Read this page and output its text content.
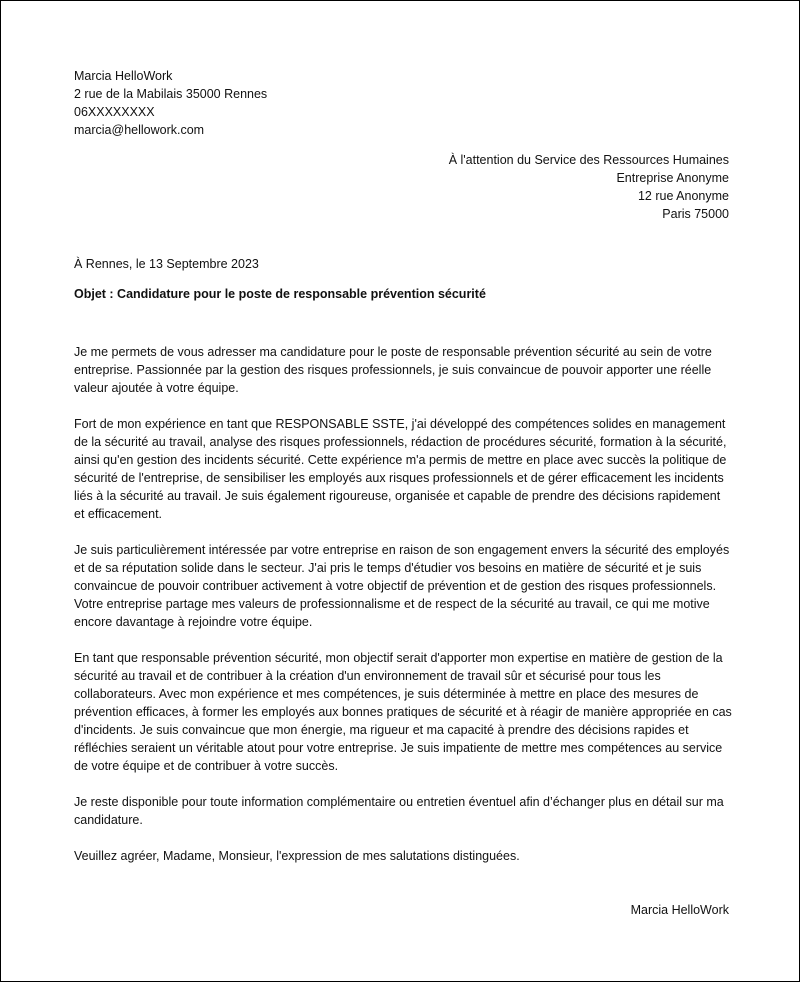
Marcia HelloWork
2 rue de la Mabilais 35000 Rennes
06XXXXXXXX
marcia@hellowork.com
À l'attention du Service des Ressources Humaines
Entreprise Anonyme
12 rue Anonyme
Paris 75000
À Rennes, le 13 Septembre 2023
Objet : Candidature pour le poste de responsable prévention sécurité

Je me permets de vous adresser ma candidature pour le poste de responsable prévention sécurité au sein de votre entreprise. Passionnée par la gestion des risques professionnels, je suis convaincue de pouvoir apporter une réelle valeur ajoutée à votre équipe.

Fort de mon expérience en tant que RESPONSABLE SSTE, j'ai développé des compétences solides en management de la sécurité au travail, analyse des risques professionnels, rédaction de procédures sécurité, formation à la sécurité, ainsi qu'en gestion des incidents sécurité. Cette expérience m'a permis de mettre en place avec succès la politique de sécurité de l'entreprise, de sensibiliser les employés aux risques professionnels et de gérer efficacement les incidents liés à la sécurité au travail. Je suis également rigoureuse, organisée et capable de prendre des décisions rapidement et efficacement.

Je suis particulièrement intéressée par votre entreprise en raison de son engagement envers la sécurité des employés et de sa réputation solide dans le secteur. J'ai pris le temps d'étudier vos besoins en matière de sécurité et je suis convaincue de pouvoir contribuer activement à votre objectif de prévention et de gestion des risques professionnels. Votre entreprise partage mes valeurs de professionnalisme et de respect de la sécurité au travail, ce qui me motive encore davantage à rejoindre votre équipe.

En tant que responsable prévention sécurité, mon objectif serait d'apporter mon expertise en matière de gestion de la sécurité au travail et de contribuer à la création d'un environnement de travail sûr et sécurisé pour tous les collaborateurs. Avec mon expérience et mes compétences, je suis déterminée à mettre en place des mesures de prévention efficaces, à former les employés aux bonnes pratiques de sécurité et à réagir de manière appropriée en cas d'incidents. Je suis convaincue que mon énergie, ma rigueur et ma capacité à prendre des décisions rapides et réfléchies seraient un véritable atout pour votre entreprise. Je suis impatiente de mettre mes compétences au service de votre équipe et de contribuer à votre succès.

Je reste disponible pour toute information complémentaire ou entretien éventuel afin d’échanger plus en détail sur ma candidature.

Veuillez agréer, Madame, Monsieur, l'expression de mes salutations distinguées.

Marcia HelloWork
